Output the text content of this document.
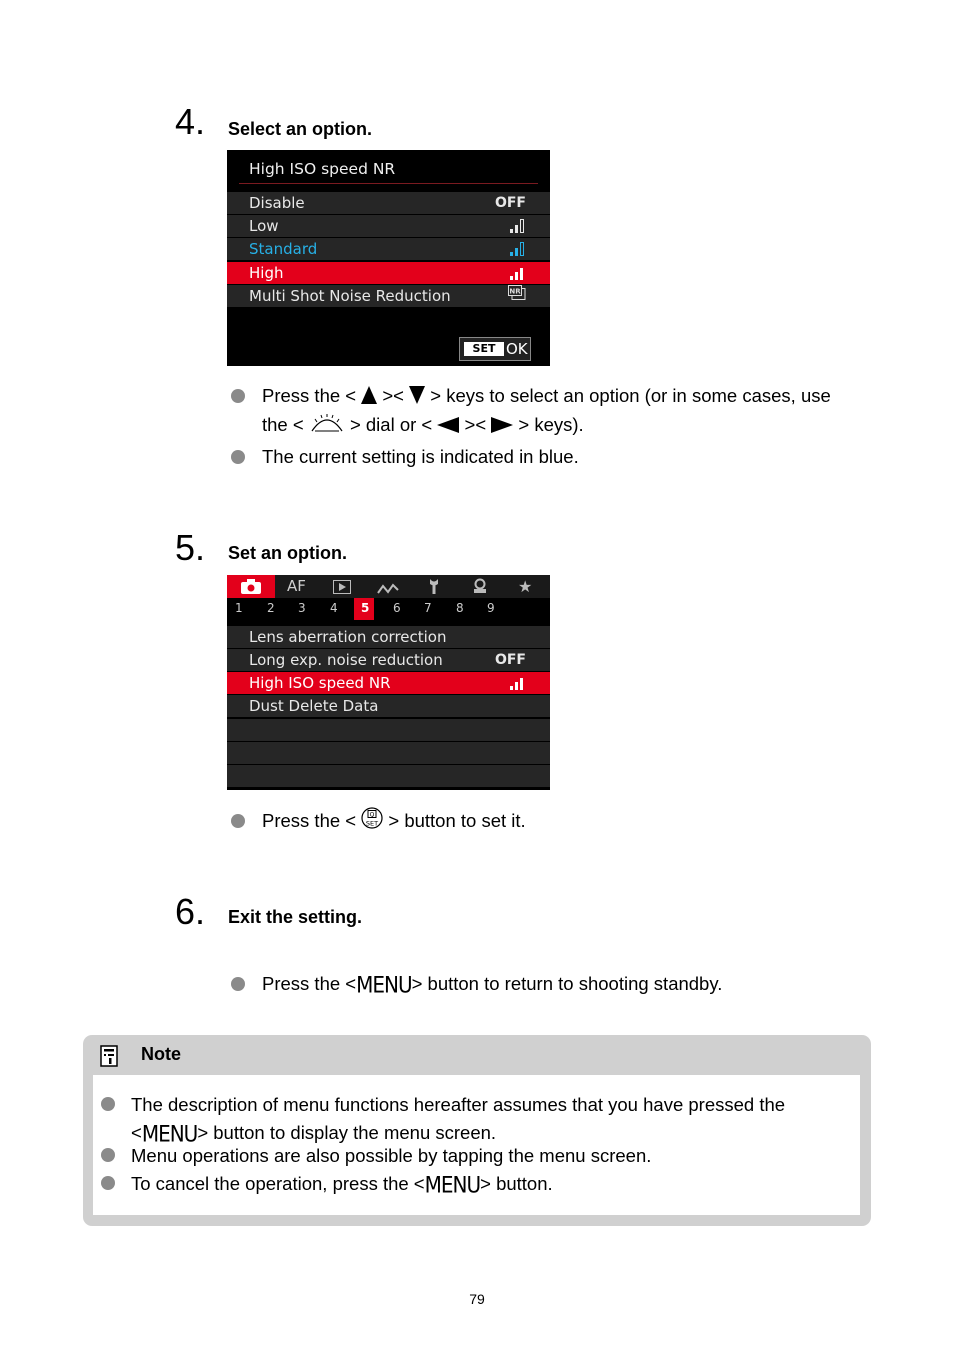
4. Select an option.
High ISO speed NR
Disable	OFF
Low
Standard
High
Multi Shot Noise Reduction	NR
SET OK
Press the < >< > keys to select an option (or in some cases, use
the <	> dial or < >< > keys).
The current setting is indicated in blue.
5. Set an option.
AF	★
1 2 3 4 5 6 7 8 9
Lens aberration correction
Long exp. noise reduction	OFF
High ISO speed NR
Dust Delete Data
Press the < Q
SET > button to set it.
6. Exit the setting.
Press the <MENU> button to return to shooting standby.
Note
The description of menu functions hereafter assumes that you have pressed the
<MENU> button to display the menu screen.
Menu operations are also possible by tapping the menu screen.
To cancel the operation, press the <MENU> button.
79
